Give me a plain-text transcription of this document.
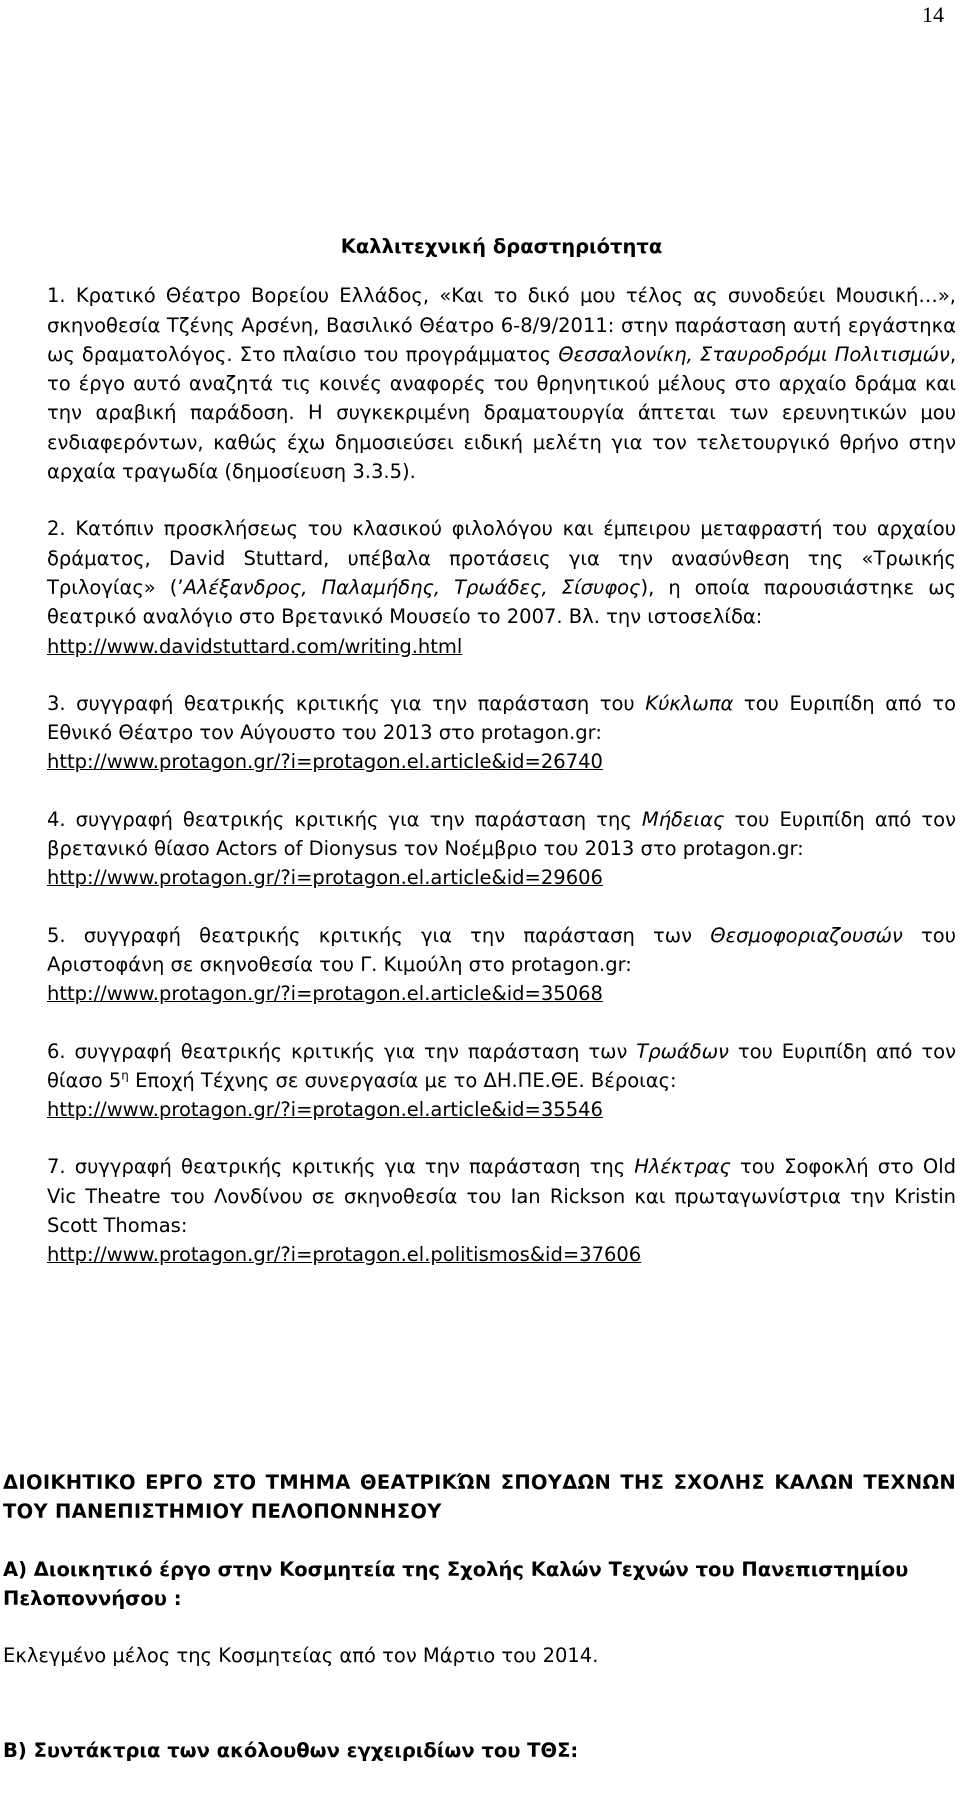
14
Καλλιτεχνική δραστηριότητα
1. Κρατικό Θέατρο Βορείου Ελλάδος, «Και το δικό μου τέλος ας συνοδεύει Μουσική…», σκηνοθεσία Τζένης Αρσένη, Βασιλικό Θέατρο 6-8/9/2011: στην παράσταση αυτή εργάστηκα ως δραματολόγος. Στο πλαίσιο του προγράμματος Θεσσαλονίκη, Σταυροδρόμι Πολιτισμών, το έργο αυτό αναζητά τις κοινές αναφορές του θρηνητικού μέλους στο αρχαίο δράμα και την αραβική παράδοση. Η συγκεκριμένη δραματουργία άπτεται των ερευνητικών μου ενδιαφερόντων, καθώς έχω δημοσιεύσει ειδική μελέτη για τον τελετουργικό θρήνο στην αρχαία τραγωδία (δημοσίευση 3.3.5).
2. Κατόπιν προσκλήσεως του κλασικού φιλολόγου και έμπειρου μεταφραστή του αρχαίου δράματος, David Stuttard, υπέβαλα προτάσεις για την ανασύνθεση της «Τρωικής Τριλογίας» (’Αλέξανδρος, Παλαμήδης, Τρωάδες, Σίσυφος), η οποία παρουσιάστηκε ως θεατρικό αναλόγιο στο Βρετανικό Μουσείο το 2007. Βλ. την ιστοσελίδα:
http://www.davidstuttard.com/writing.html
3. συγγραφή θεατρικής κριτικής για την παράσταση του Κύκλωπα του Ευριπίδη από το Εθνικό Θέατρο τον Αύγουστο του 2013 στο protagon.gr:
http://www.protagon.gr/?i=protagon.el.article&id=26740
4. συγγραφή θεατρικής κριτικής για την παράσταση της Μήδειας του Ευριπίδη από τον βρετανικό θίασο Actors of Dionysus τον Νοέμβριο του 2013 στο protagon.gr:
http://www.protagon.gr/?i=protagon.el.article&id=29606
5. συγγραφή θεατρικής κριτικής για την παράσταση των Θεσμοφοριαζουσών του Αριστοφάνη σε σκηνοθεσία του Γ. Κιμούλη στο protagon.gr:
http://www.protagon.gr/?i=protagon.el.article&id=35068
6. συγγραφή θεατρικής κριτικής για την παράσταση των Τρωάδων του Ευριπίδη από τον θίασο $5^\eta$ Εποχή Τέχνης σε συνεργασία με το ΔΗ.ΠΕ.ΘΕ. Βέροιας:
http://www.protagon.gr/?i=protagon.el.article&id=35546
7. συγγραφή θεατρικής κριτικής για την παράσταση της Ηλέκτρας του Σοφοκλή στο Old Vic Theatre του Λονδίνου σε σκηνοθεσία του Ian Rickson και πρωταγωνίστρια την Kristin Scott Thomas:
http://www.protagon.gr/?i=protagon.el.politismos&id=37606
ΔΙΟΙΚΗΤΙΚΟ ΕΡΓΟ ΣΤΟ ΤΜΗΜΑ ΘΕΑΤΡΙΚΏΝ ΣΠΟΥΔΩΝ ΤΗΣ ΣΧΟΛΗΣ ΚΑΛΩΝ ΤΕΧΝΩΝ ΤΟΥ ΠΑΝΕΠΙΣΤΗΜΙΟΥ ΠΕΛΟΠΟΝΝΗΣΟΥ
A) Διοικητικό έργο στην Κοσμητεία της Σχολής Καλών Τεχνών του Πανεπιστημίου Πελοποννήσου :
Εκλεγμένο μέλος της Κοσμητείας από τον Μάρτιο του 2014.
Β) Συντάκτρια των ακόλουθων εγχειριδίων του ΤΘΣ:
